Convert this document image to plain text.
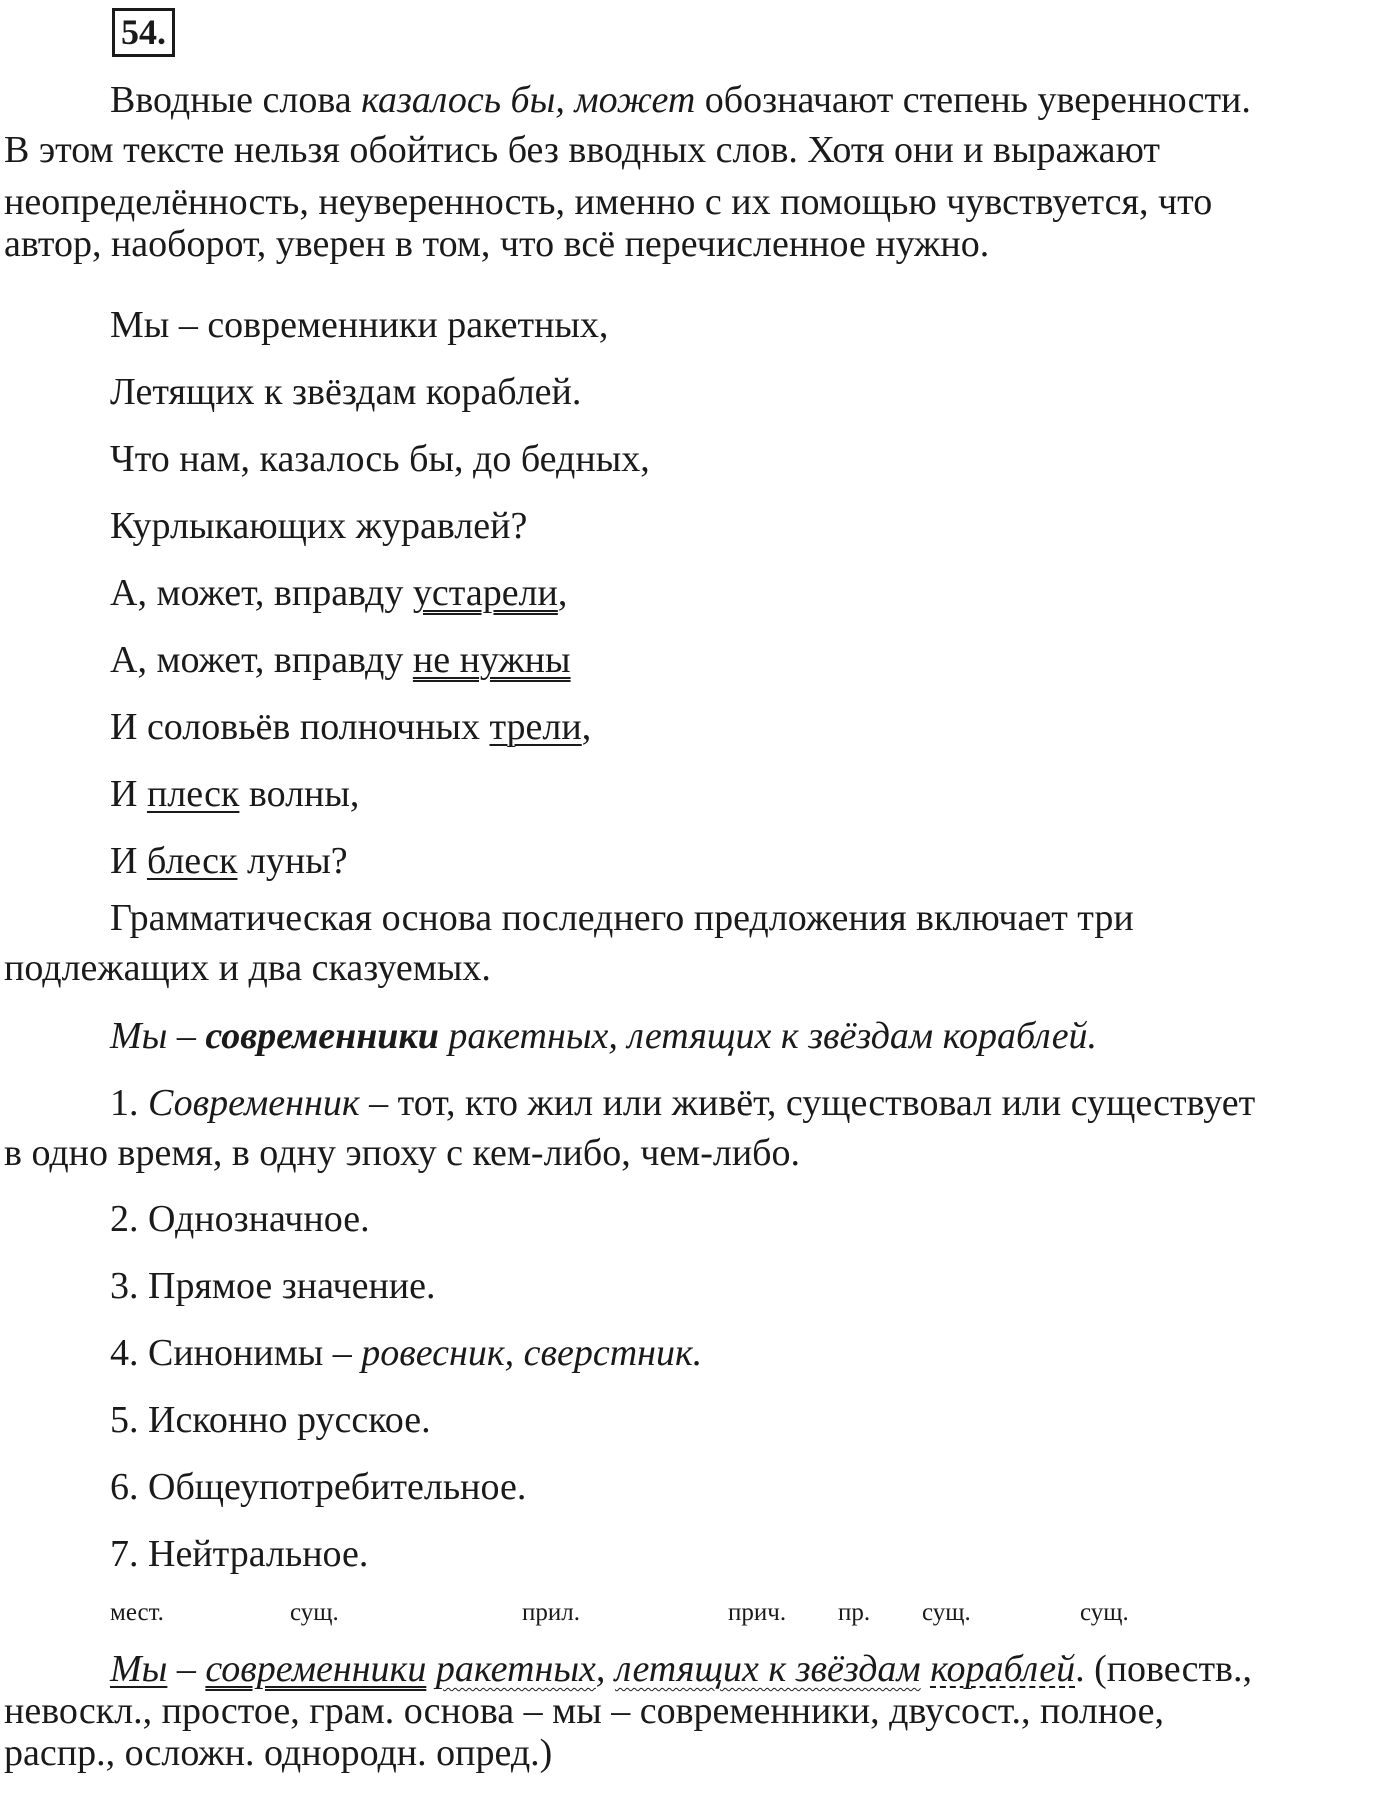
54.
Вводные слова казалось бы, может обозначают степень уверенности.
В этом тексте нельзя обойтись без вводных слов. Хотя они и выражают
неопределённость, неуверенность, именно с их помощью чувствуется, что
автор, наоборот, уверен в том, что всё перечисленное нужно.
Мы – современники ракетных,
Летящих к звёздам кораблей.
Что нам, казалось бы, до бедных,
Курлыкающих журавлей?
А, может, вправду устарели,
А, может, вправду не нужны
И соловьёв полночных трели,
И плеск волны,
И блеск луны?
Грамматическая основа последнего предложения включает три
подлежащих и два сказуемых.
Мы – современники ракетных, летящих к звёздам кораблей.
1. Современник – тот, кто жил или живёт, существовал или существует
в одно время, в одну эпоху с кем-либо, чем-либо.
2. Однозначное.
3. Прямое значение.
4. Синонимы – ровесник, сверстник.
5. Исконно русское.
6. Общеупотребительное.
7. Нейтральное.
мест.	сущ.	прил.	прич. пр. сущ.	сущ.
Мы – современники ракетных, летящих к звёздам кораблей. (повеств.,
невоскл., простое, грам. основа – мы – современники, двусост., полное,
распр., осложн. однородн. опред.)
